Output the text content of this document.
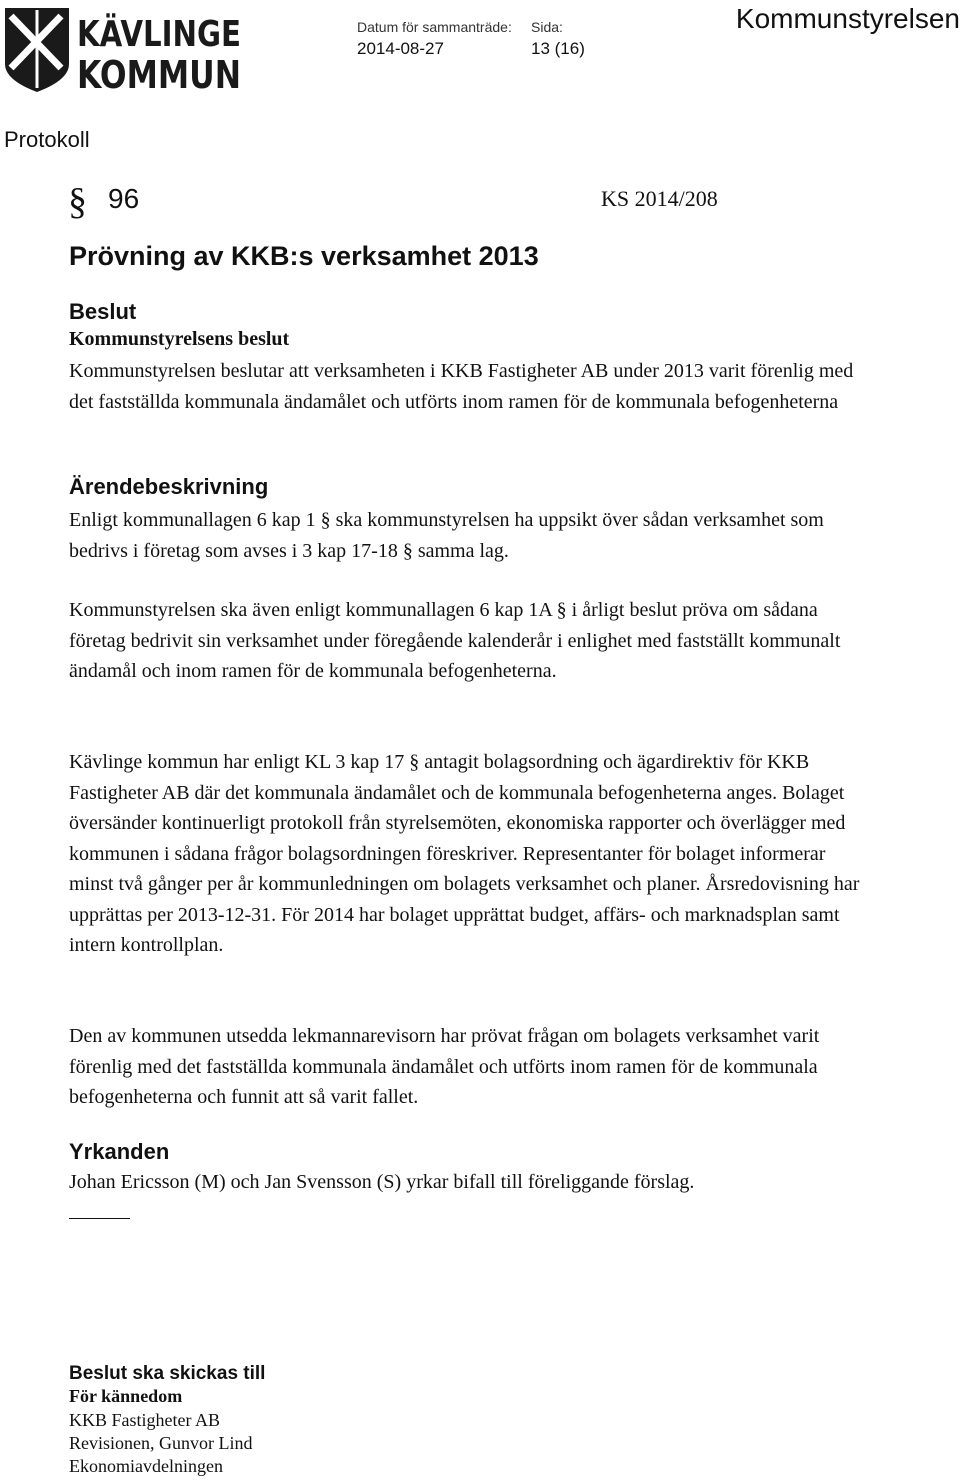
KÄVLINGE
KOMMUN
Datum för sammanträde:
2014-08-27
Sida:
13 (16)
Kommunstyrelsen
Protokoll
§ 96	KS 2014/208
Prövning av KKB:s verksamhet 2013
Beslut
Kommunstyrelsens beslut

Kommunstyrelsen beslutar att verksamheten i KKB Fastigheter AB under 2013 varit förenlig med det fastställda kommunala ändamålet och utförts inom ramen för de kommunala befogenheterna

Ärendebeskrivning

Enligt kommunallagen 6 kap 1 § ska kommunstyrelsen ha uppsikt över sådan verksamhet som bedrivs i företag som avses i 3 kap 17-18 § samma lag.

Kommunstyrelsen ska även enligt kommunallagen 6 kap 1A § i årligt beslut pröva om sådana företag bedrivit sin verksamhet under föregående kalenderår i enlighet med fastställt kommunalt ändamål och inom ramen för de kommunala befogenheterna.

Kävlinge kommun har enligt KL 3 kap 17 § antagit bolagsordning och ägardirektiv för KKB Fastigheter AB där det kommunala ändamålet och de kommunala befogenheterna anges. Bolaget översänder kontinuerligt protokoll från styrelsemöten, ekonomiska rapporter och överlägger med kommunen i sådana frågor bolagsordningen föreskriver. Representanter för bolaget informerar minst två gånger per år kommunledningen om bolagets verksamhet och planer. Årsredovisning har upprättas per 2013-12-31. För 2014 har bolaget upprättat budget, affärs- och marknadsplan samt intern kontrollplan.

Den av kommunen utsedda lekmannarevisorn har prövat frågan om bolagets verksamhet varit förenlig med det fastställda kommunala ändamålet och utförts inom ramen för de kommunala befogenheterna och funnit att så varit fallet.

Yrkanden

Johan Ericsson (M) och Jan Svensson (S) yrkar bifall till föreliggande förslag.

Beslut ska skickas till
För kännedom
KKB Fastigheter AB
Revisionen, Gunvor Lind
Ekonomiavdelningen
